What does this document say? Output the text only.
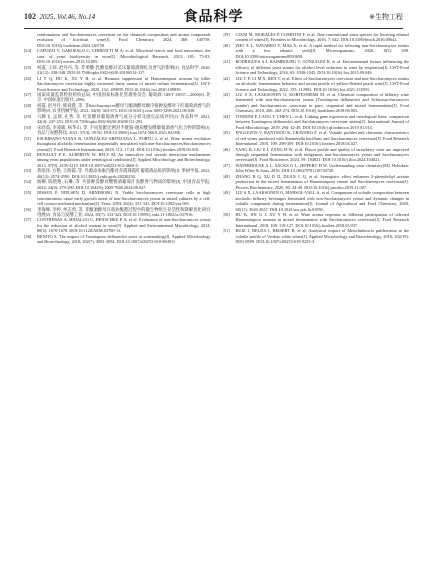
102 2025, Vol.46, No.14	食品科学	※生物工程
combinations and Saccharomyces cerevisiae on the chemical composition and aroma compounds evolution of kiwifruit wine[J]. Food Chemistry, 2024, 460: 140758. DOI:10.1016/j.foodchem.2024.140758.
[24]	CAPOZZI V, GAROFALO C, CHIRIATTI M A, et al. Microbial terroir and food innovation: the case of yeast biodiversity in wine[J]. Microbiological Research, 2015, 181: 75-83. DOI:10.1016/j.micres.2015.10.005.
[25]	祝霞, 王琼, 赵丹丹, 等. 苹果酸-乳酸发酵对美乐葡萄酒理化及香气的影响[J]. 食品科学, 2020, 41(12): 338-348. DOI:10.7506/spkx1002-6630-20190514-137.
[26]	LI Y Q, HU K, XU Y H, et al. Biomass suppression of Hanseniaspora uvarum by killer Saccharomyces cerevisiae highly increased fruity aroma of mixed culture fermentation[J]. LWT-Food Science and Technology, 2020, 132: 109839. DOI:10.1016/j.lwt.2020.109839.
[27]	国家质量监督检验检疫总局, 中国国家标准化管理委员会. 葡萄酒: GB/T 15037—2006[S]. 北京: 中国标准出版社, 2006.
[28]	祝霞, 赵丹丹, 韩舜愈, 等. 非Saccharomyces酵母与酿酒酵母顺序接种发酵对干红葡萄酒香气的影响[J]. 农业机械学报, 2021, 52(8): 363-373. DOI:10.6041/j.issn.1000-1298.2021.08.038.
[29]	马腾飞, 孟倩, 孔秀, 等. 红发酵对葡萄酒香气成分分析及感官品质评价[J]. 食品科学, 2021, 42(4): 247-253. DOI:10.7506/spkx1002-6630-20200131-293.
[30]	宋欣茹, 李凌啸, 杨华山, 等. 不同复配比例对半胱胺-琥珀酸发酵葡萄酒香气化合物的影响[J]. 食品与发酵科技, 2021, 57(4): 39-50. DOI:10.3969/j.issn.1674-506X.2021.04.006.
[31]	ESCRIBANO-VIANA R, GONZÁLEZ-ARENZANA L, PORTU J, et al. Wine aroma evolution throughout alcoholic fermentation sequentially inoculated with non-Saccharomyces/Saccharomyces yeasts[J]. Food Research International, 2018, 112: 17-24. DOI:10.1016/j.foodres.2018.06.018.
[32]	RENAULT P E, ALBERTIN W, BELY M. An innovative tool reveals interaction mechanisms among yeast populations under oenological conditions[J]. Applied Microbiology and Biotechnology, 2013, 97(9): 4105-4119. DOI:10.1007/s00253-012-4660-5.
[33]	蒋竣泽, 方艳, 王海霞, 等. 外源添加素内酯对赤霞珠霞红葡萄酒品质的影响[J]. 果树学报, 2023, 40(12): 2574-2590. DOI:10.13925/j.cnki.gsxb.20230250.
[34]	杨柳, 陈艳艳, 石琳, 等. 共接种发酵对樱桃酒葡萄汁发酵香气物质的影响[J]. 中国食品学报, 2024, 24(8): 279-290. DOI:10.16429/j.1009-7848.2024.08.027.
[35]	NISSEN P, NIELSEN D, ARNEBORG N. Viable Saccharomyces cerevisiae cells at high concentrations cause early growth arrest of non-Saccharomyces yeasts in mixed cultures by a cell-cell contact-mediated mechanism[J]. Yeast, 2003, 20(4): 331-341. DOI:10.1002/yea.965.
[36]	李海峰, 李婷, 牟志勇, 等. 非酿酒酵母在商业酶邀过程中的微生物组生存活性和降解优化研究进展[J]. 食品与发酵工业, 2024, 50(7): 313-323. DOI:10.13995/j.cnki.11-1802/ts.037916.
[37]	CONTRERAS A, HIDALGO C, HENSCHKE P A, et al. Evaluation of non-Saccharomyces yeasts for the reduction of alcohol content in wine[J]. Applied and Environmental Microbiology, 2014, 80(5): 1670-1678. DOI:10.1128/AEM.03780-13.
[38]	BENITO S. The impact of Torulaspora delbrueckii yeast in winemaking[J]. Applied Microbiology and Biotechnology, 2018, 102(7): 3081-3094. DOI:10.1007/s00253-018-8849-0.
[39]	CIANI M, MORALES P, COMITINI F, et al. Non-conventional yeast species for lowering ethanol content of wines[J]. Frontiers in Microbiology, 2016, 7: 642. DOI:10.3389/fmicb.2016.00642.
[40]	ZHU X L, NAVARRO Y, MAS A, et al. A rapid method for selecting non-Saccharomyces strains with a low ethanol yield[J]. Microorganisms, 2020, 8(5): 658. DOI:10.3390/microorganisms8050658.
[41]	RODRIGUES A J, RAIMBOURG T, GONZALEZ R, et al. Environmental factors influencing the efficacy of different yeast strains for alcohol level reduction in wine by respiration[J]. LWT-Food Science and Technology, 2016, 65: 1038-1043. DOI:10.1016/j.lwt.2015.09.046.
[42]	LIU C F, LI M X, REN T, et al. Effect of Saccharomyces cerevisiae and non-Saccharomyces strains on alcoholic fermentation behavior and aroma profile of yellow-fleshed peach wine[J]. LWT-Food Science and Technology, 2022, 155: 112993. DOI:10.1016/j.lwt.2021.112993.
[43]	LIU S X, LAAKSONEN O, KORTESNIEMI M, et al. Chemical composition of bilberry wine fermented with non-Saccharomyces yeasts (Torulaspora delbrueckii and Schizosaccharomyces pombe) and Saccharomyces cerevisiae in pure, sequential and mixed fermentations[J]. Food Chemistry, 2018, 266: 262-274. DOI:10.1016/j.foodchem.2018.06.003.
[44]	TONDINI F, LANG T, CHEN L, et al. Linking gene expression and oenological traits: comparison between Torulaspora delbrueckii and Saccharomyces cerevisiae strains[J]. International Journal of Food Microbiology, 2019, 294: 42-49. DOI:10.1016/j.ijfoodmicro.2019.01.014.
[45]	ENGLEZOS V, RANTSIOU K, CRAVERO F, et al. Volatile profiles and chromatic characteristics of red wines produced with Starmerella bacillaris and Saccharomyces cerevisiae[J]. Food Research International, 2018, 109: 298-309. DOI:10.1016/j.foodres.2018.04.027.
[46]	YANG B, LIU S J, ZANG H W, et al. Flavor profile and quality of strawberry wine are improved through sequential fermentation with indigenous non-Saccharomyces yeasts and Saccharomyces cerevisiae[J]. Food Bioscience, 2024, 59: 104021. DOI:10.1016/j.fbio.2024.104021.
[47]	WATERHOUSE A L, SACKS G L, JEFFERY D W. Understanding wine chemistry[M]. Hoboken: John Wiley & Sons, 2016. DOI:10.1002/9781118730720.
[48]	ZHANG B Q, XU D D, DUAN C Q, et al. Synergistic effect enhances 2-phenylethyl acetate production in the mixed fermentation of Hanseniaspora vineae and Saccharomyces cerevisiae[J]. Process Biochemistry, 2020, 90: 44-49. DOI:10.1016/j.procbio.2019.11.007.
[49]	LIU S X, LAAKSONEN O, MARSOL-VALL A, et al. Comparison of volatile composition between alcoholic bilberry beverages fermented with non-Saccharomyces yeasts and dynamic changes in volatile compounds during fermentation[J]. Journal of Agricultural and Food Chemistry, 2020, 68(11): 3626-3637. DOI:10.1021/acs.jafc.0c01050.
[50]	HU K, JIN G J, XU Y H, et al. Wine aroma response to different participation of selected Hanseniaspora uvarum in mixed fermentation with Saccharomyces cerevisiae[J]. Food Research International, 2018, 108: 119-127. DOI:10.1016/j.foodres.2018.03.037.
[51]	RUIZ J, BELDA I, BEISERT B, et al. Analytical impact of Metschnikowia pulcherrima in the volatile profile of Verdejo white wines[J]. Applied Microbiology and Biotechnology, 2018, 102(19): 8501-8509. DOI:10.1007/s00253-018-9255-3.
